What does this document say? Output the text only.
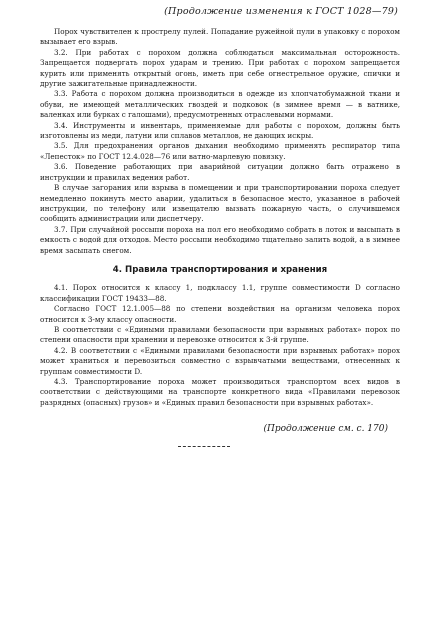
(Продолжение изменения к ГОСТ 1028—79)

Порох чувствителен к прострелу пулей. Попадание ружейной пули в упаковку с порохом вызывает его взрыв.

3.2. При работах с порохом должна соблюдаться максимальная осторожность. Запрещается подвергать порох ударам и трению. При работах с порохом запрещается курить или применять открытый огонь, иметь при себе огнестрельное оружие, спички и другие зажигательные принадлежности.

3.3. Работа с порохом должна производиться в одежде из хлопчатобумажной ткани и обуви, не имеющей металлических гвоздей и подковок (в зимнее время — в ватнике, валенках или бурках с галошами), предусмотренных отраслевыми нормами.

3.4. Инструменты и инвентарь, применяемые для работы с порохом, должны быть изготовлены из меди, латуни или сплавов металлов, не дающих искры.

3.5. Для предохранения органов дыхания необходимо применять респиратор типа «Лепесток» по ГОСТ 12.4.028—76 или ватно-марлевую повязку.

3.6. Поведение работающих при аварийной ситуации должно быть отражено в инструкции и правилах ведения работ.

В случае загорания или взрыва в помещении и при транспортировании пороха следует немедленно покинуть место аварии, удалиться в безопасное место, указанное в рабочей инструкции, по телефону или извещателю вызвать пожарную часть, о случившемся сообщить администрации или диспетчеру.

3.7. При случайной россыпи пороха на пол его необходимо собрать в лоток и высыпать в емкость с водой для отходов. Место россыпи необходимо тщательно залить водой, а в зимнее время засыпать снегом.

4. Правила транспортирования и хранения

4.1. Порох относится к классу 1, подклассу 1.1, группе совместимости D согласно классификации ГОСТ 19433—88.

Согласно ГОСТ 12.1.005—88 по степени воздействия на организм человека порох относится к 3-му классу опасности.

В соответствии с «Едиными правилами безопасности при взрывных работах» порох по степени опасности при хранении и перевозке относится к 3-й группе.

4.2. В соответствии с «Едиными правилами безопасности при взрывных работах» порох может храниться и перевозиться совместно с взрывчатыми веществами, отнесенных к группам совместимости D.

4.3. Транспортирование пороха может производиться транспортом всех видов в соответствии с действующими на транспорте конкретного вида «Правилами перевозок разрядных (опасных) грузов» и «Единых правил безопасности при взрывных работах».

(Продолжение см. с. 170)
